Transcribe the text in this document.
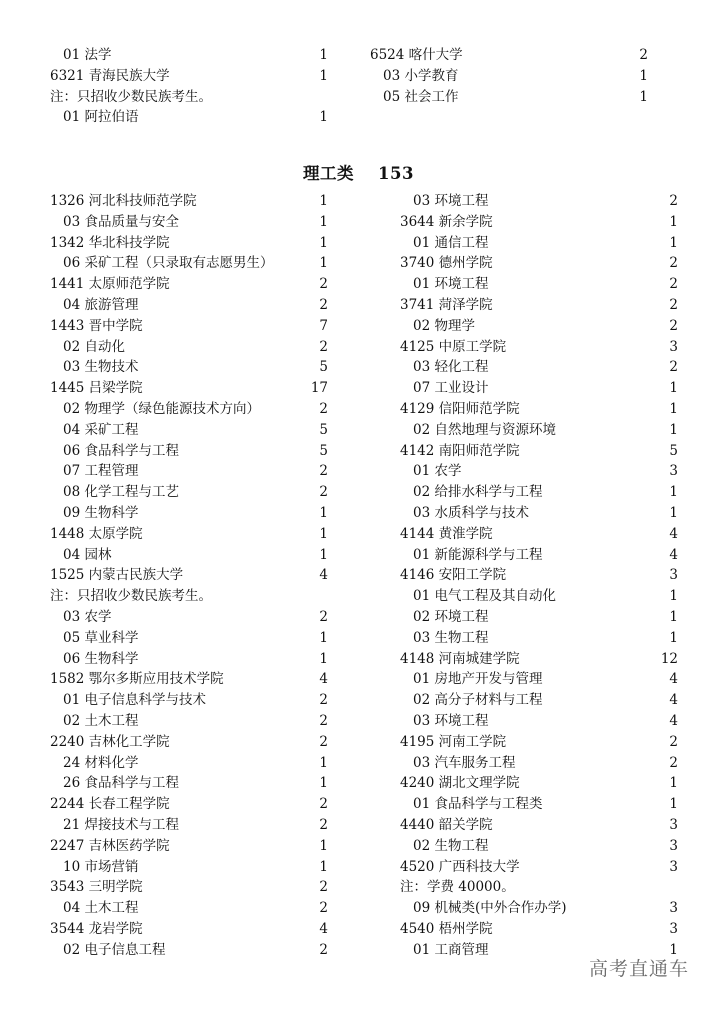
01 法学	1
6321 青海民族大学	1
注：只招收少数民族考生。
01 阿拉伯语	1
6524 喀什大学	2
03 小学教育	1
05 社会工作	1
理工类 153
1326 河北科技师范学院	1
03 食品质量与安全	1
1342 华北科技学院	1
06 采矿工程（只录取有志愿男生）	1
1441 太原师范学院	2
04 旅游管理	2
1443 晋中学院	7
02 自动化	2
03 生物技术	5
1445 吕梁学院	17
02 物理学（绿色能源技术方向）	2
04 采矿工程	5
06 食品科学与工程	5
07 工程管理	2
08 化学工程与工艺	2
09 生物科学	1
1448 太原学院	1
04 园林	1
1525 内蒙古民族大学	4
注：只招收少数民族考生。
03 农学	2
05 草业科学	1
06 生物科学	1
1582 鄂尔多斯应用技术学院	4
01 电子信息科学与技术	2
02 土木工程	2
2240 吉林化工学院	2
24 材料化学	1
26 食品科学与工程	1
2244 长春工程学院	2
21 焊接技术与工程	2
2247 吉林医药学院	1
10 市场营销	1
3543 三明学院	2
04 土木工程	2
3544 龙岩学院	4
02 电子信息工程	2
03 环境工程	2
3644 新余学院	1
01 通信工程	1
3740 德州学院	2
01 环境工程	2
3741 菏泽学院	2
02 物理学	2
4125 中原工学院	3
03 轻化工程	2
07 工业设计	1
4129 信阳师范学院	1
02 自然地理与资源环境	1
4142 南阳师范学院	5
01 农学	3
02 给排水科学与工程	1
03 水质科学与技术	1
4144 黄淮学院	4
01 新能源科学与工程	4
4146 安阳工学院	3
01 电气工程及其自动化	1
02 环境工程	1
03 生物工程	1
4148 河南城建学院	12
01 房地产开发与管理	4
02 高分子材料与工程	4
03 环境工程	4
4195 河南工学院	2
03 汽车服务工程	2
4240 湖北文理学院	1
01 食品科学与工程类	1
4440 韶关学院	3
02 生物工程	3
4520 广西科技大学	3
注：学费 40000。
09 机械类(中外合作办学)	3
4540 梧州学院	3
01 工商管理	1
高考直通车
